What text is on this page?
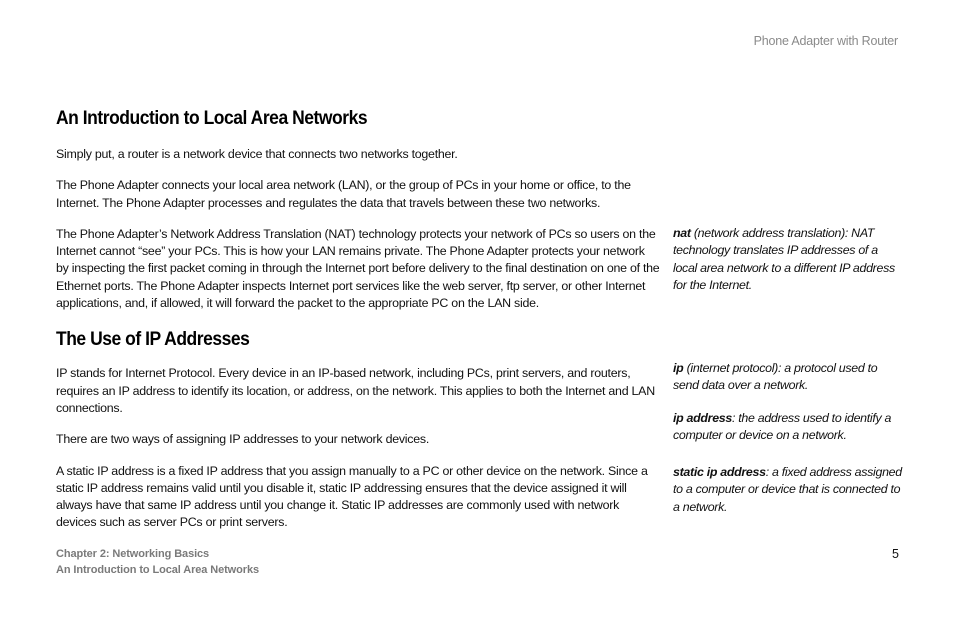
Phone Adapter with Router
An Introduction to Local Area Networks

Simply put, a router is a network device that connects two networks together.

The Phone Adapter connects your local area network (LAN), or the group of PCs in your home or office, to the Internet. The Phone Adapter processes and regulates the data that travels between these two networks.

The Phone Adapter’s Network Address Translation (NAT) technology protects your network of PCs so users on the Internet cannot “see” your PCs. This is how your LAN remains private. The Phone Adapter protects your network by inspecting the first packet coming in through the Internet port before delivery to the final destination on one of the Ethernet ports. The Phone Adapter inspects Internet port services like the web server, ftp server, or other Internet applications, and, if allowed, it will forward the packet to the appropriate PC on the LAN side.

The Use of IP Addresses

IP stands for Internet Protocol. Every device in an IP-based network, including PCs, print servers, and routers, requires an IP address to identify its location, or address, on the network. This applies to both the Internet and LAN connections.

There are two ways of assigning IP addresses to your network devices.

A static IP address is a fixed IP address that you assign manually to a PC or other device on the network. Since a static IP address remains valid until you disable it, static IP addressing ensures that the device assigned it will always have that same IP address until you change it. Static IP addresses are commonly used with network devices such as server PCs or print servers.

nat (network address translation): NAT technology translates IP addresses of a local area network to a different IP address for the Internet.
ip (internet protocol): a protocol used to send data over a network.
ip address: the address used to identify a computer or device on a network.
static ip address: a fixed address assigned to a computer or device that is connected to a network.
Chapter 2: Networking Basics
An Introduction to Local Area Networks
5
